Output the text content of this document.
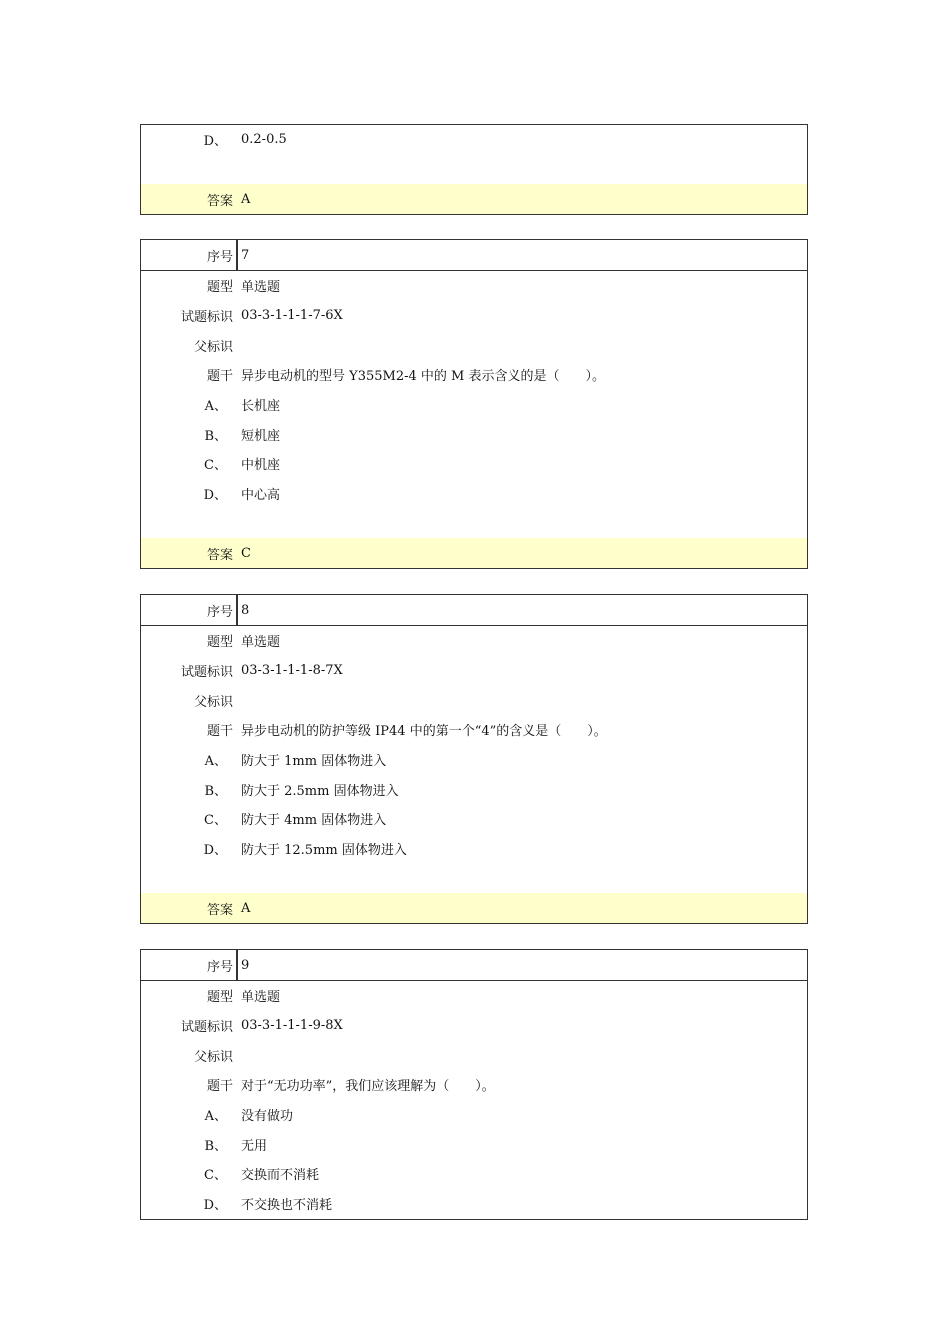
D、 0.2-0.5
答案 A
序号 7
题型 单选题
试题标识 03-3-1-1-1-7-6X
父标识
题干 异步电动机的型号 Y355M2-4 中的 M 表示含义的是（　　）。
A、 长机座
B、 短机座
C、 中机座
D、 中心高
答案 C
序号 8
题型 单选题
试题标识 03-3-1-1-1-8-7X
父标识
题干 异步电动机的防护等级 IP44 中的第一个“4”的含义是（　　）。
A、 防大于 1mm 固体物进入
B、 防大于 2.5mm 固体物进入
C、 防大于 4mm 固体物进入
D、 防大于 12.5mm 固体物进入
答案 A
序号 9
题型 单选题
试题标识 03-3-1-1-1-9-8X
父标识
题干 对于“无功功率”，我们应该理解为（　　）。
A、 没有做功
B、 无用
C、 交换而不消耗
D、 不交换也不消耗
